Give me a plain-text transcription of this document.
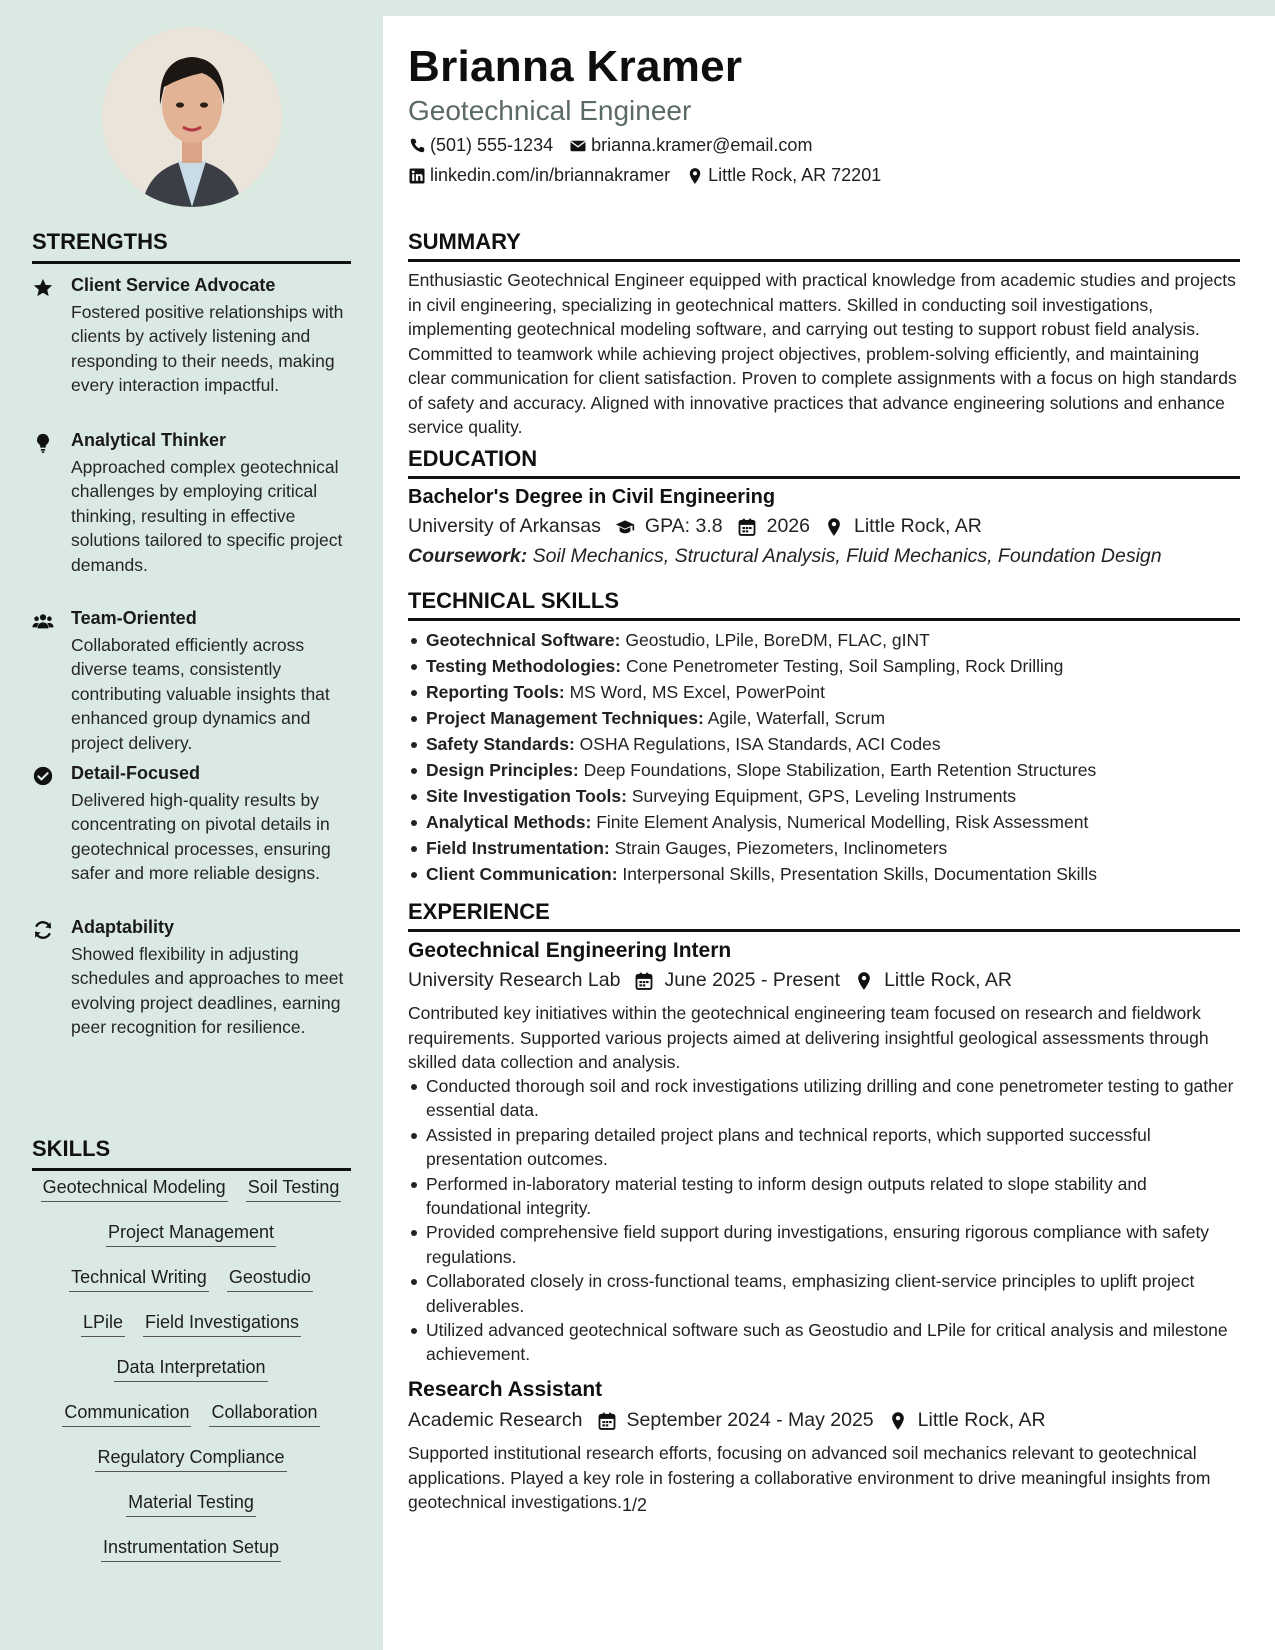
STRENGTHS
Client Service Advocate
Fostered positive relationships with clients by actively listening and responding to their needs, making every interaction impactful.
Analytical Thinker
Approached complex geotechnical challenges by employing critical thinking, resulting in effective solutions tailored to specific project demands.
Team-Oriented
Collaborated efficiently across diverse teams, consistently contributing valuable insights that enhanced group dynamics and project delivery.
Detail-Focused
Delivered high-quality results by concentrating on pivotal details in geotechnical processes, ensuring safer and more reliable designs.
Adaptability
Showed flexibility in adjusting schedules and approaches to meet evolving project deadlines, earning peer recognition for resilience.
SKILLS
Geotechnical Modeling Soil Testing
Project Management
Technical Writing Geostudio
LPile Field Investigations
Data Interpretation
Communication Collaboration
Regulatory Compliance
Material Testing
Instrumentation Setup
Brianna Kramer
Geotechnical Engineer
(501) 555-1234 brianna.kramer@email.com
linkedin.com/in/briannakramer Little Rock, AR 72201
SUMMARY
Enthusiastic Geotechnical Engineer equipped with practical knowledge from academic studies and projects in civil engineering, specializing in geotechnical matters. Skilled in conducting soil investigations, implementing geotechnical modeling software, and carrying out testing to support robust field analysis. Committed to teamwork while achieving project objectives, problem-solving efficiently, and maintaining clear communication for client satisfaction. Proven to complete assignments with a focus on high standards of safety and accuracy. Aligned with innovative practices that advance engineering solutions and enhance service quality.
EDUCATION
Bachelor's Degree in Civil Engineering
University of Arkansas GPA: 3.8 2026 Little Rock, AR
Coursework: Soil Mechanics, Structural Analysis, Fluid Mechanics, Foundation Design
TECHNICAL SKILLS
Geotechnical Software: Geostudio, LPile, BoreDM, FLAC, gINT
Testing Methodologies: Cone Penetrometer Testing, Soil Sampling, Rock Drilling
Reporting Tools: MS Word, MS Excel, PowerPoint
Project Management Techniques: Agile, Waterfall, Scrum
Safety Standards: OSHA Regulations, ISA Standards, ACI Codes
Design Principles: Deep Foundations, Slope Stabilization, Earth Retention Structures
Site Investigation Tools: Surveying Equipment, GPS, Leveling Instruments
Analytical Methods: Finite Element Analysis, Numerical Modelling, Risk Assessment
Field Instrumentation: Strain Gauges, Piezometers, Inclinometers
Client Communication: Interpersonal Skills, Presentation Skills, Documentation Skills
EXPERIENCE
Geotechnical Engineering Intern
University Research Lab June 2025 - Present Little Rock, AR
Contributed key initiatives within the geotechnical engineering team focused on research and fieldwork requirements. Supported various projects aimed at delivering insightful geological assessments through skilled data collection and analysis.
Conducted thorough soil and rock investigations utilizing drilling and cone penetrometer testing to gather essential data.
Assisted in preparing detailed project plans and technical reports, which supported successful presentation outcomes.
Performed in-laboratory material testing to inform design outputs related to slope stability and foundational integrity.
Provided comprehensive field support during investigations, ensuring rigorous compliance with safety regulations.
Collaborated closely in cross-functional teams, emphasizing client-service principles to uplift project deliverables.
Utilized advanced geotechnical software such as Geostudio and LPile for critical analysis and milestone achievement.
Research Assistant
Academic Research September 2024 - May 2025 Little Rock, AR
Supported institutional research efforts, focusing on advanced soil mechanics relevant to geotechnical applications. Played a key role in fostering a collaborative environment to drive meaningful insights from geotechnical investigations. 1/2
